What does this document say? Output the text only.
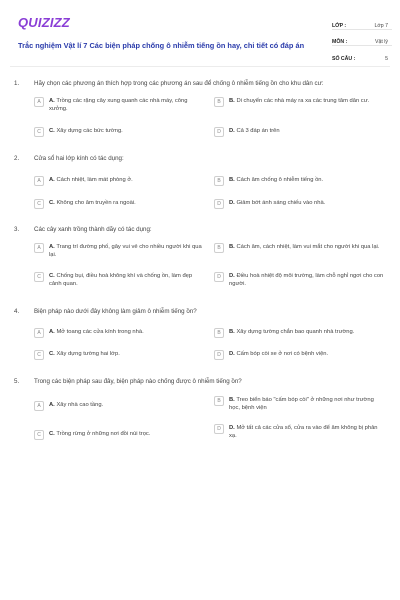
QUIZIZZ
Trắc nghiệm Vật lí 7 Các biện pháp chống ô nhiễm tiếng ồn hay, chi tiết có đáp án
LỚP :	Lớp 7
MÔN :	Vật lý
SỐ CÂU :	5
1. Hãy chọn các phương án thích hợp trong các phương án sau để chống ô nhiễm tiếng ồn cho khu dân cư:
A	A. Trồng các rặng cây xung quanh các nhà máy, công xưởng.
B	B. Di chuyển các nhà máy ra xa các trung tâm dân cư.
C	C. Xây dựng các bức tường.	D	D. Cả 3 đáp án trên
2. Cửa sổ hai lớp kính có tác dụng:
A	A. Cách nhiệt, làm mát phòng ở.	B	B. Cách âm chống ô nhiễm tiếng ồn.
C	C. Không cho âm truyền ra ngoài.	D	D. Giảm bớt ánh sáng chiếu vào nhà.
3. Các cây xanh trồng thành dãy có tác dụng:
A	A. Trang trí đường phố, gây vui vẻ cho nhiều người khi qua lại.
B	B. Cách âm, cách nhiệt, làm vui mắt cho người khi qua lại.
C	C. Chống bụi, điều hoà không khí và chống ồn, làm đẹp cảnh quan.
D	D. Điều hoà nhiệt độ môi trường, làm chỗ nghỉ ngơi cho con người.
4. Biện pháp nào dưới đây không làm giảm ô nhiễm tiếng ồn?
A	A. Mở toang các cửa kính trong nhà.	B	B. Xây dựng tường chắn bao quanh nhà trường.
C	C. Xây dựng tường hai lớp.	D	D. Cấm bóp còi xe ở nơi có bệnh viện.
5. Trong các biện pháp sau đây, biện pháp nào chống được ô nhiễm tiếng ồn?
A	A. Xây nhà cao tầng.
B	B. Treo biển báo "cấm bóp còi" ở những nơi như trường học, bệnh viện
C	C. Trồng rừng ở những nơi đồi núi trọc.
D	D. Mở tất cả các cửa sổ, cửa ra vào để âm không bị phản xạ.
